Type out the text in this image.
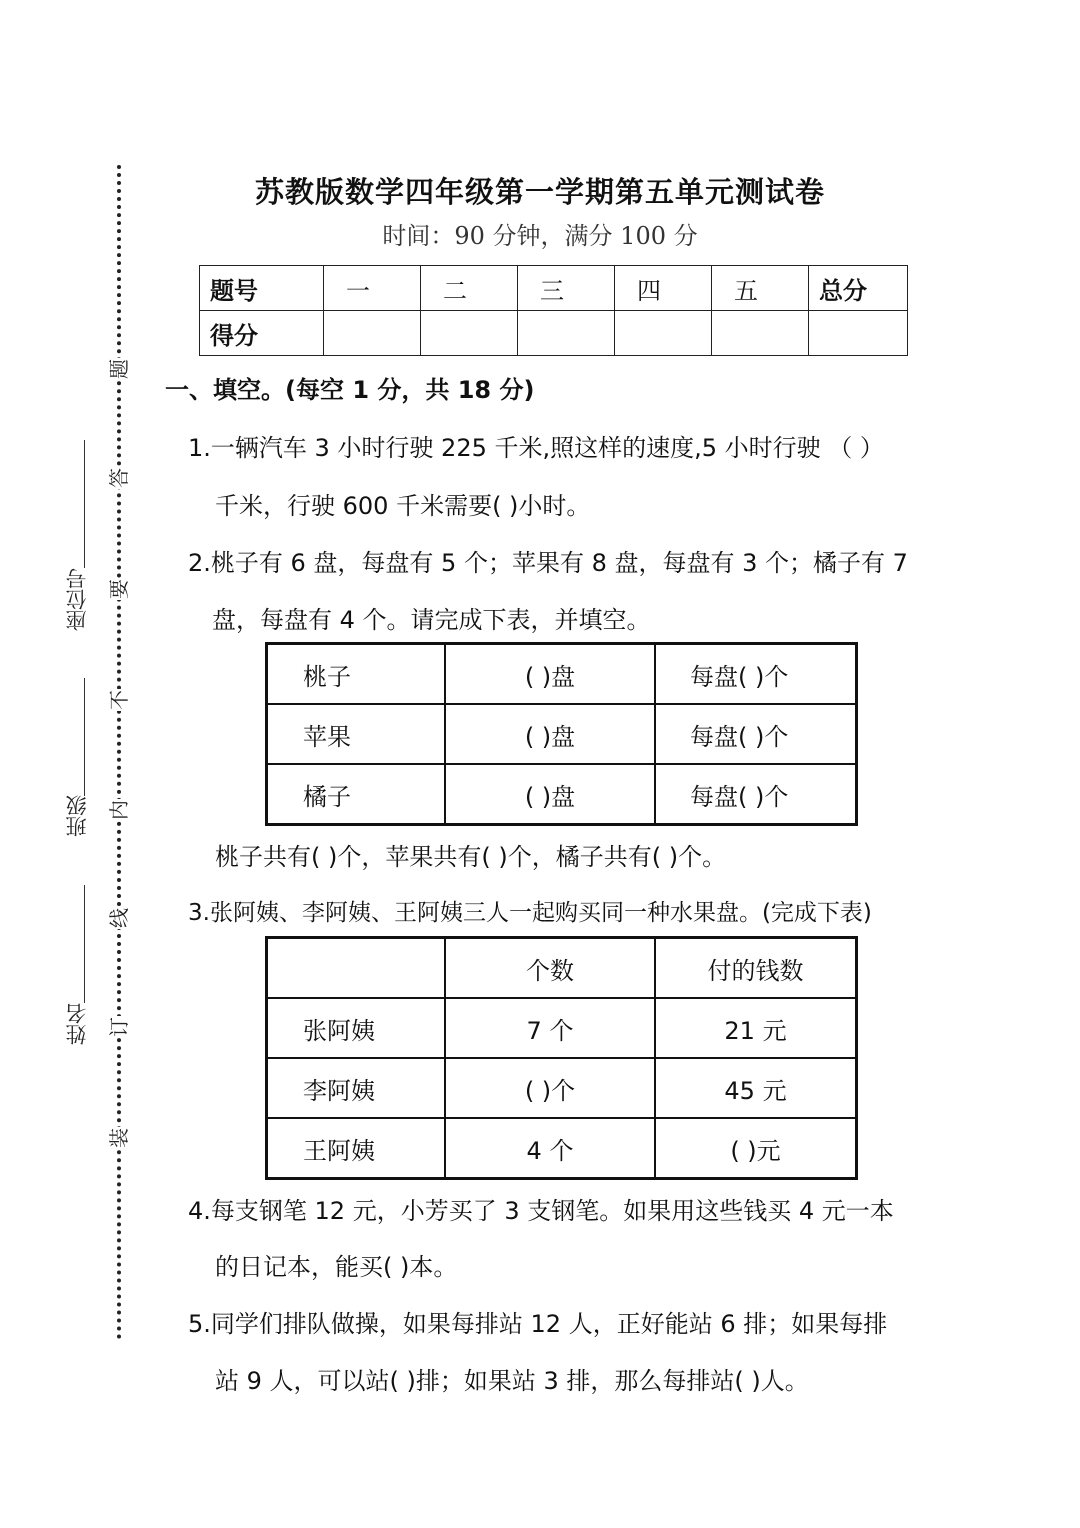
座位号
班级
姓名
题
答
要
不
内
线
订
装
苏教版数学四年级第一学期第五单元测试卷
时间：90 分钟，满分 100 分
题号	一	二	三	四	五	总分
得分						
一、填空。(每空 1 分，共 18 分)
1.一辆汽车 3 小时行驶 225 千米,照这样的速度,5 小时行驶 （ ）
千米，行驶 600 千米需要( )小时。
2.桃子有 6 盘，每盘有 5 个；苹果有 8 盘，每盘有 3 个；橘子有 7
盘，每盘有 4 个。请完成下表，并填空。
桃子	( )盘	每盘( )个
苹果	( )盘	每盘( )个
橘子	( )盘	每盘( )个
桃子共有( )个，苹果共有( )个，橘子共有( )个。
3.张阿姨、李阿姨、王阿姨三人一起购买同一种水果盘。(完成下表)
	个数	付的钱数
张阿姨	7 个	21 元
李阿姨	( )个	45 元
王阿姨	4 个	( )元
4.每支钢笔 12 元，小芳买了 3 支钢笔。如果用这些钱买 4 元一本
的日记本，能买( )本。
5.同学们排队做操，如果每排站 12 人，正好能站 6 排；如果每排
站 9 人，可以站( )排；如果站 3 排，那么每排站( )人。
